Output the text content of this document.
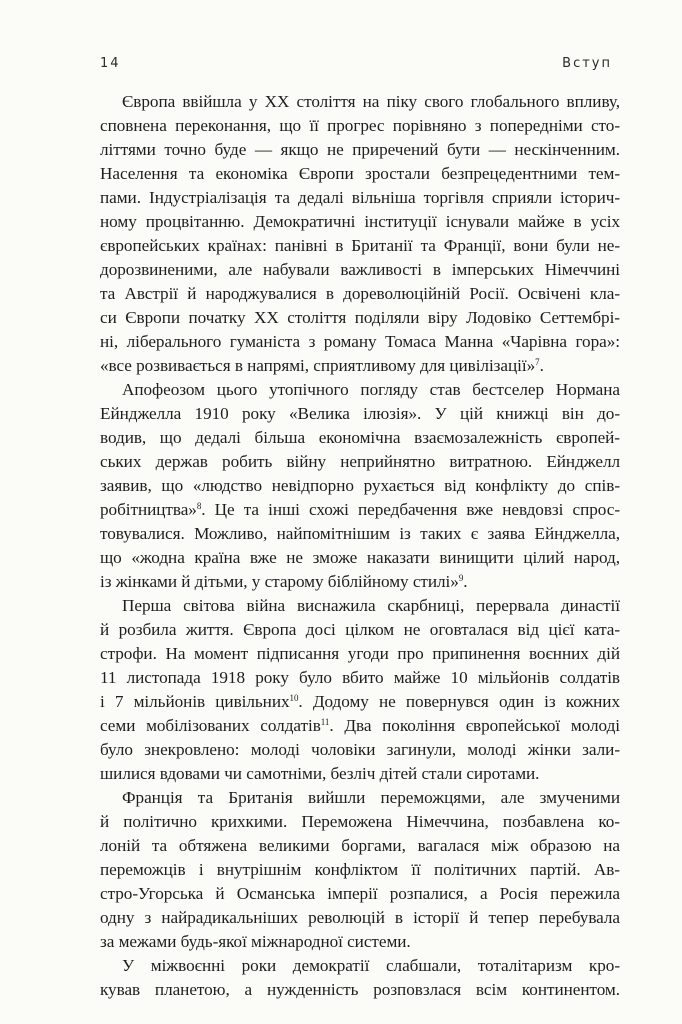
14	Вступ
Європа ввійшла у ХХ століття на піку свого глобального впливу,
сповнена переконання, що її прогрес порівняно з попередніми сто-
літтями точно буде — якщо не приречений бути — нескінченним.
Населення та економіка Європи зростали безпрецедентними тем-
пами. Індустріалізація та дедалі вільніша торгівля сприяли історич-
ному процвітанню. Демократичні інституції існували майже в усіх
європейських країнах: панівні в Британії та Франції, вони були не-
дорозвиненими, але набували важливості в імперських Німеччині
та Австрії й народжувалися в дореволюційній Росії. Освічені кла-
си Європи початку ХХ століття поділяли віру Лодовіко Сеттембрі-
ні, ліберального гуманіста з роману Томаса Манна «Чарівна гора»:
«все розвивається в напрямі, сприятливому для цивілізації»$^7$.
Апофеозом цього утопічного погляду став бестселер Нормана
Ейнджелла 1910 року «Велика ілюзія». У цій книжці він до-
водив, що дедалі більша економічна взаємозалежність європей-
ських держав робить війну неприйнятно витратною. Ейнджелл
заявив, що «людство невідпорно рухається від конфлікту до спів-
робітництва»$^8$. Це та інші схожі передбачення вже невдовзі спрос-
товувалися. Можливо, найпомітнішим із таких є заява Ейнджелла,
що «жодна країна вже не зможе наказати винищити цілий народ,
із жінками й дітьми, у старому біблійному стилі»$^9$.
Перша світова війна виснажила скарбниці, перервала династії
й розбила життя. Європа досі цілком не оговталася від цієї ката-
строфи. На момент підписання угоди про припинення воєнних дій
11 листопада 1918 року було вбито майже 10 мільйонів солдатів
і 7 мільйонів цивільних$^{10}$. Додому не повернувся один із кожних
семи мобілізованих солдатів$^{11}$. Два покоління європейської молоді
було знекровлено: молоді чоловіки загинули, молоді жінки зали-
шилися вдовами чи самотніми, безліч дітей стали сиротами.
Франція та Британія вийшли переможцями, але змученими
й політично крихкими. Переможена Німеччина, позбавлена ко-
лоній та обтяжена великими боргами, вагалася між образою на
переможців і внутрішнім конфліктом її політичних партій. Ав-
стро-Угорська й Османська імперії розпалися, а Росія пережила
одну з найрадикальніших революцій в історії й тепер перебувала
за межами будь-якої міжнародної системи.
У міжвоєнні роки демократії слабшали, тоталітаризм кро-
кував планетою, а нужденність розповзлася всім континентом.
